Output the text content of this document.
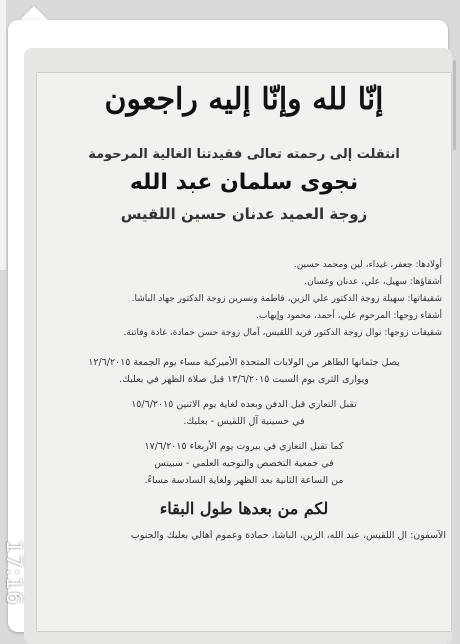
إنّا لله وإنّا إليه راجعون
انتقلت إلى رحمته تعالى فقيدتنا الغالية المرحومة
نجوى سلمان عبد الله
زوجة العميد عدنان حسين اللقيس
أولادها: جعفر، غيداء، لين ومحمد حسين.
أشقاؤها: سهيل، علي، عدنان وغسان.
شقيقاتها: سهيلة زوجة الدكتور علي الزين، فاطمة ونسرين زوجة الدكتور جهاد الباشا.
أشقاء زوجها: المرحوم علي، أحمد، محمود وإيهاب.
شقيقات زوجها: نوال زوجة الدكتور فريد اللقيس، آمال زوجة حسن حمادة، غادة وفاتنة.
يصل جثمانها الطاهر من الولايات المتحدة الأميركية مساء يوم الجمعة ١٢/٦/٢٠١٥
ويوارى الثرى يوم السبت ١٣/٦/٢٠١٥ قبل صلاة الظهر في بعلبك.
تقبل التعازي قبل الدفن وبعده لغاية يوم الاثنين ١٥/٦/٢٠١٥
في حسينية آل اللقيس - بعلبك.
كما تقبل التعازي في بيروت يوم الأربعاء ١٧/٦/٢٠١٥
في جمعية التخصص والتوجيه العلمي - سبينس
من الساعة الثانية بعد الظهر ولغاية السادسة مساءً.
لكم من بعدها طول البقاء
الآسفون: آل اللقيس، عبد الله، الزين، الباشا، حمادة وعموم أهالي بعلبك والجنوب
17:16
